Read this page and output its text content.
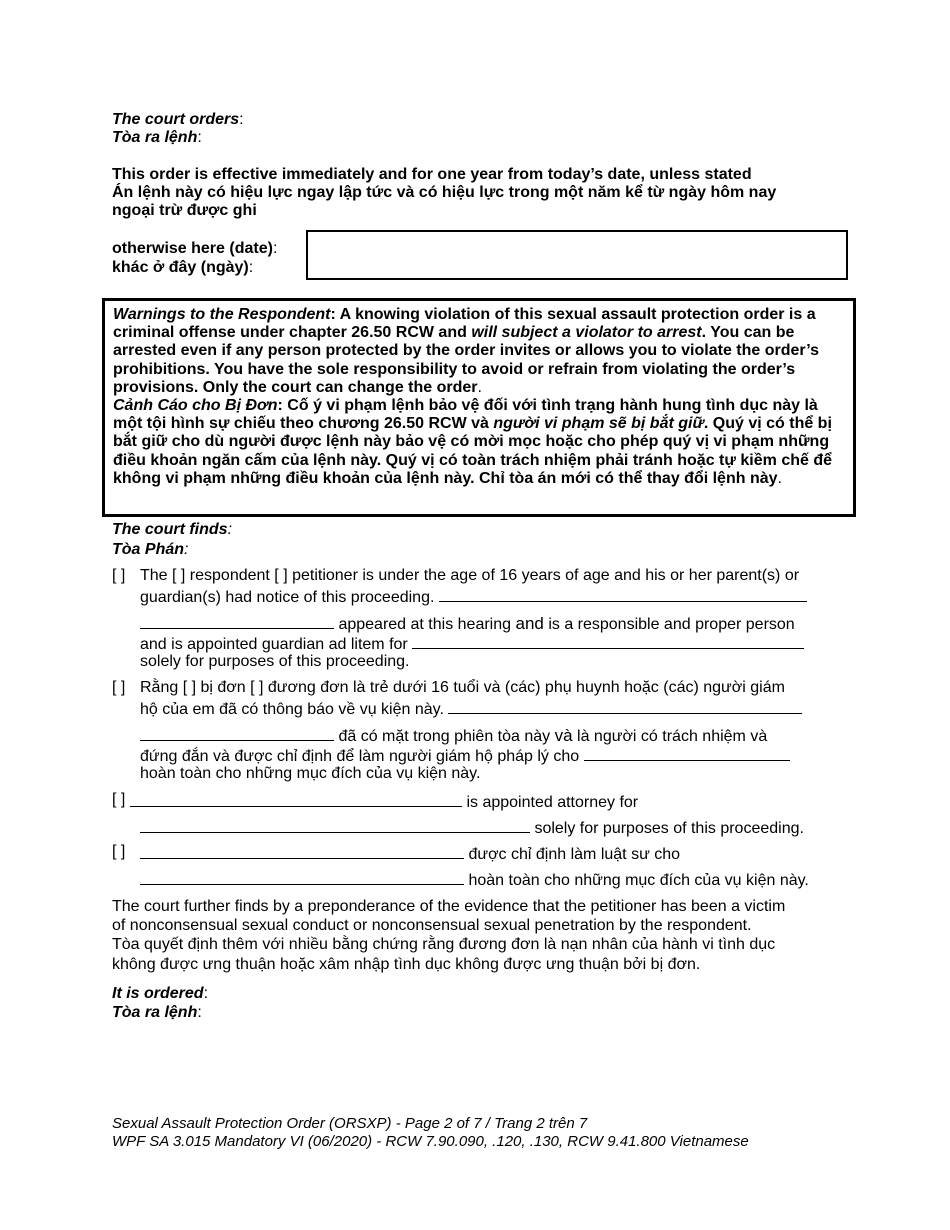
The court orders:
Tòa ra lệnh:
This order is effective immediately and for one year from today’s date, unless stated
Án lệnh này có hiệu lực ngay lập tức và có hiệu lực trong một năm kể từ ngày hôm nay
ngoại trừ được ghi
otherwise here (date):
khác ở đây (ngày):

Warnings to the Respondent: A knowing violation of this sexual assault protection order is a criminal offense under chapter 26.50 RCW and will subject a violator to arrest. You can be arrested even if any person protected by the order invites or allows you to violate the order’s prohibitions. You have the sole responsibility to avoid or refrain from violating the order’s provisions. Only the court can change the order.

Cảnh Cáo cho Bị Đơn: Cố ý vi phạm lệnh bảo vệ đối với tình trạng hành hung tình dục này là một tội hình sự chiếu theo chương 26.50 RCW và người vi phạm sẽ bị bắt giữ. Quý vị có thể bị bắt giữ cho dù người được lệnh này bảo vệ có mời mọc hoặc cho phép quý vị vi phạm những điều khoản ngăn cấm của lệnh này. Quý vị có toàn trách nhiệm phải tránh hoặc tự kiềm chế để không vi phạm những điều khoản của lệnh này. Chỉ tòa án mới có thể thay đổi lệnh này.

The court finds:
Tòa Phán:
[ ] The [ ] respondent [ ] petitioner is under the age of 16 years of age and his or her parent(s) or
guardian(s) had notice of this proceeding.
appeared at this hearing and is a responsible and proper person
and is appointed guardian ad litem for
solely for purposes of this proceeding.
[ ] Rằng [ ] bị đơn [ ] đương đơn là trẻ dưới 16 tuổi và (các) phụ huynh hoặc (các) người giám
hộ của em đã có thông báo về vụ kiện này.
đã có mặt trong phiên tòa này và là người có trách nhiệm và
đứng đắn và được chỉ định để làm người giám hộ pháp lý cho
hoàn toàn cho những mục đích của vụ kiện này.
[ ]	is appointed attorney for
solely for purposes of this proceeding.
[ ]	được chỉ định làm luật sư cho
hoàn toàn cho những mục đích của vụ kiện này.
The court further finds by a preponderance of the evidence that the petitioner has been a victim
of nonconsensual sexual conduct or nonconsensual sexual penetration by the respondent.
Tòa quyết định thêm với nhiều bằng chứng rằng đương đơn là nạn nhân của hành vi tình dục
không được ưng thuận hoặc xâm nhập tình dục không được ưng thuận bởi bị đơn.
It is ordered:
Tòa ra lệnh:
Sexual Assault Protection Order (ORSXP) - Page 2 of 7 / Trang 2 trên 7
WPF SA 3.015 Mandatory VI (06/2020) - RCW 7.90.090, .120, .130, RCW 9.41.800 Vietnamese
